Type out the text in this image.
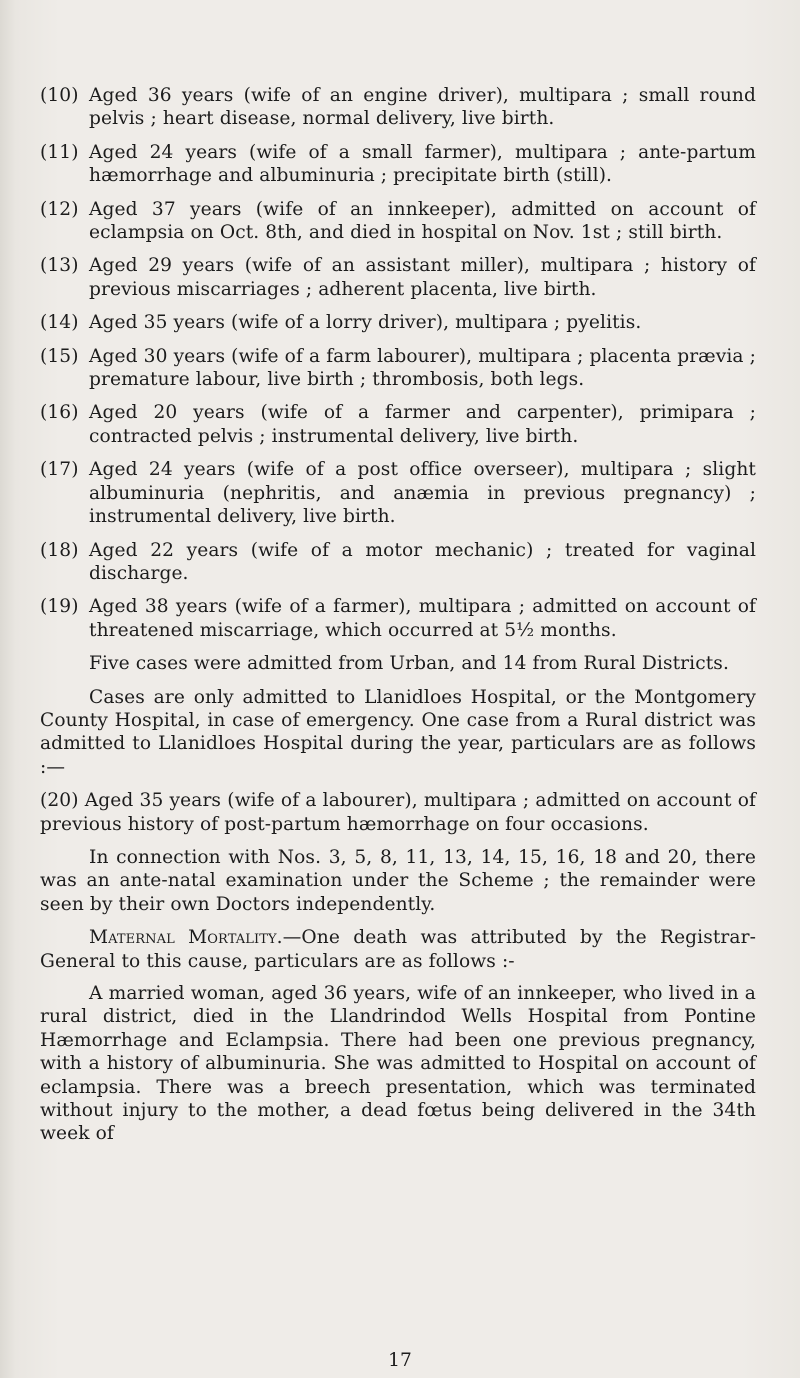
(10) Aged 36 years (wife of an engine driver), multipara ; small round pelvis ; heart disease, normal delivery, live birth.
(11) Aged 24 years (wife of a small farmer), multipara ; ante-partum hæmorrhage and albuminuria ; precipitate birth (still).
(12) Aged 37 years (wife of an innkeeper), admitted on account of eclampsia on Oct. 8th, and died in hospital on Nov. 1st ; still birth.
(13) Aged 29 years (wife of an assistant miller), multipara ; history of previous miscarriages ; adherent placenta, live birth.
(14) Aged 35 years (wife of a lorry driver), multipara ; pyelitis.
(15) Aged 30 years (wife of a farm labourer), multipara ; placenta prævia ; premature labour, live birth ; thrombosis, both legs.
(16) Aged 20 years (wife of a farmer and carpenter), primipara ; contracted pelvis ; instrumental delivery, live birth.
(17) Aged 24 years (wife of a post office overseer), multipara ; slight albuminuria (nephritis, and anæmia in previous pregnancy) ; instrumental delivery, live birth.
(18) Aged 22 years (wife of a motor mechanic) ; treated for vaginal discharge.
(19) Aged 38 years (wife of a farmer), multipara ; admitted on account of threatened miscarriage, which occurred at 5½ months.

Five cases were admitted from Urban, and 14 from Rural Districts.

Cases are only admitted to Llanidloes Hospital, or the Montgomery County Hospital, in case of emergency. One case from a Rural district was admitted to Llanidloes Hospital during the year, particulars are as follows :—

(20) Aged 35 years (wife of a labourer), multipara ; admitted on account of previous history of post-partum hæmorrhage on four occasions.

In connection with Nos. 3, 5, 8, 11, 13, 14, 15, 16, 18 and 20, there was an ante-natal examination under the Scheme ; the remainder were seen by their own Doctors independently.

Maternal Mortality.—One death was attributed by the Registrar-General to this cause, particulars are as follows :-

A married woman, aged 36 years, wife of an innkeeper, who lived in a rural district, died in the Llandrindod Wells Hospital from Pontine Hæmorrhage and Eclampsia. There had been one previous pregnancy, with a history of albuminuria. She was admitted to Hospital on account of eclampsia. There was a breech presentation, which was terminated without injury to the mother, a dead fœtus being delivered in the 34th week of

17
